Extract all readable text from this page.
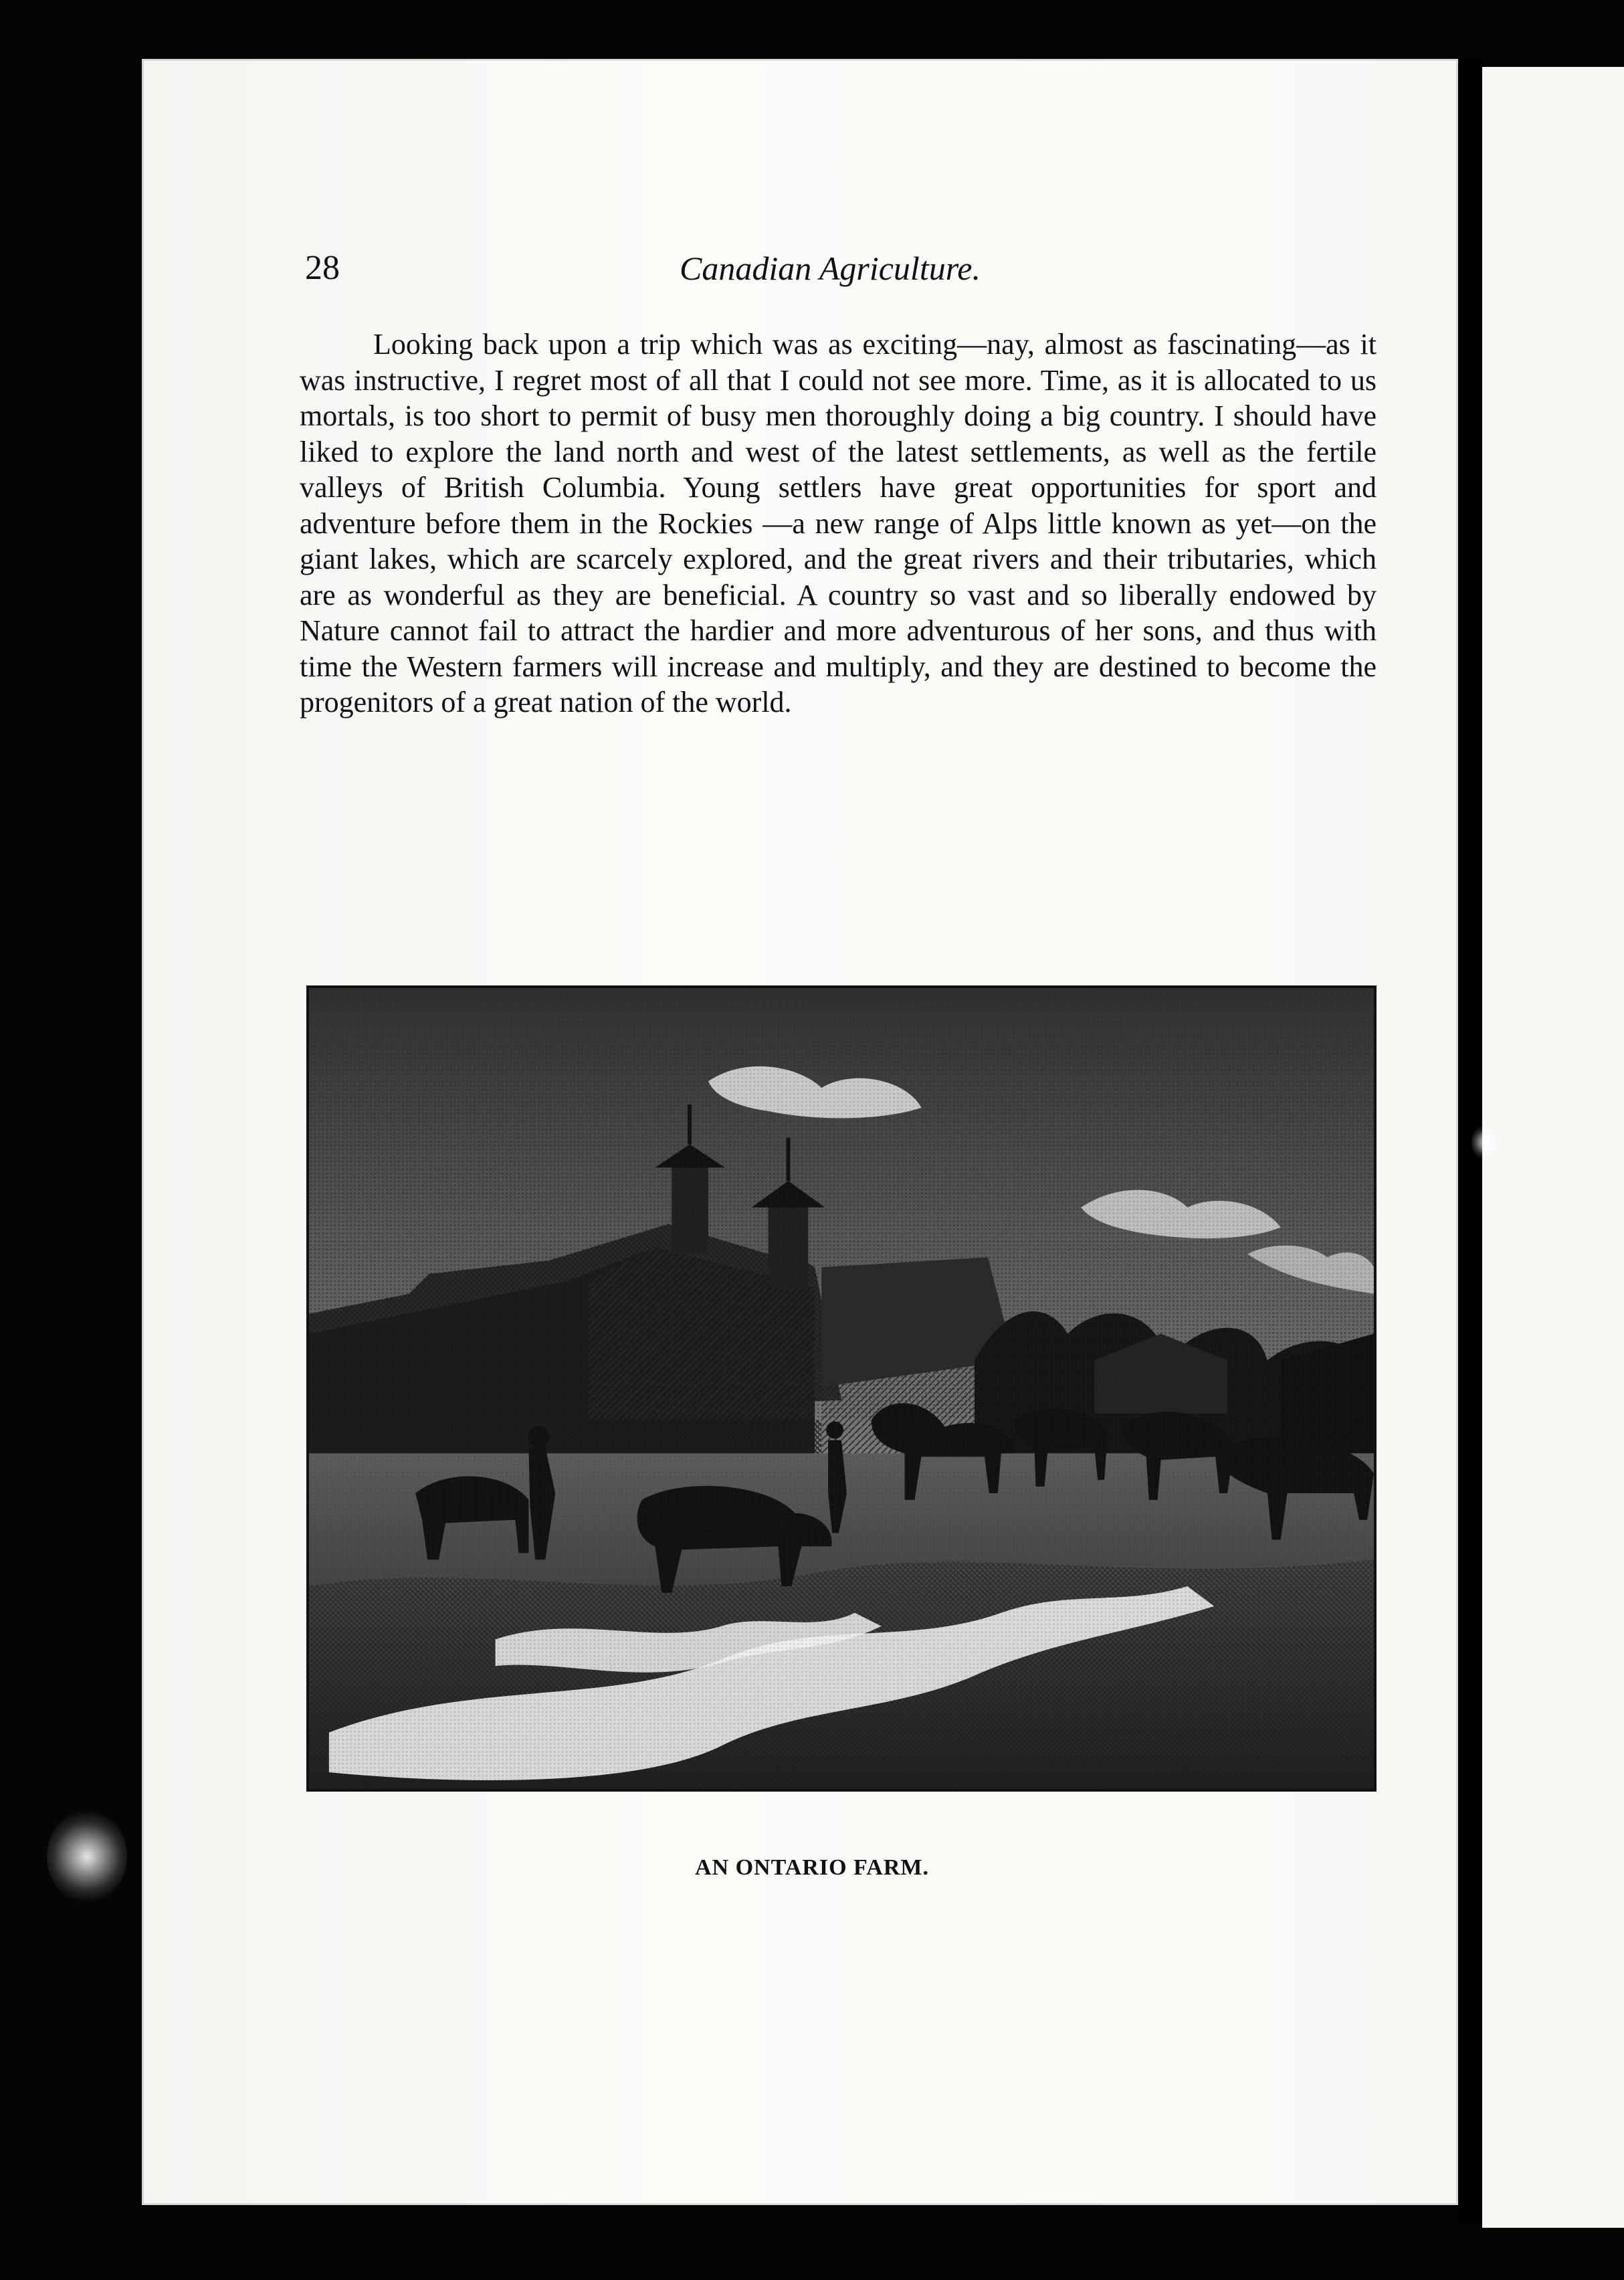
28	Canadian Agriculture.

Looking back upon a trip which was as exciting—nay, almost as fascinating—as it was instructive, I regret most of all that I could not see more. Time, as it is allocated to us mortals, is too short to permit of busy men thoroughly doing a big country. I should have liked to explore the land north and west of the latest settlements, as well as the fertile valleys of British Columbia. Young settlers have great opportunities for sport and adventure before them in the Rockies —a new range of Alps little known as yet—on the giant lakes, which are scarcely explored, and the great rivers and their tributaries, which are as wonderful as they are beneficial. A country so vast and so liberally endowed by Nature cannot fail to attract the hardier and more adventurous of her sons, and thus with time the Western farmers will increase and multiply, and they are destined to become the progenitors of a great nation of the world.

AN ONTARIO FARM.
